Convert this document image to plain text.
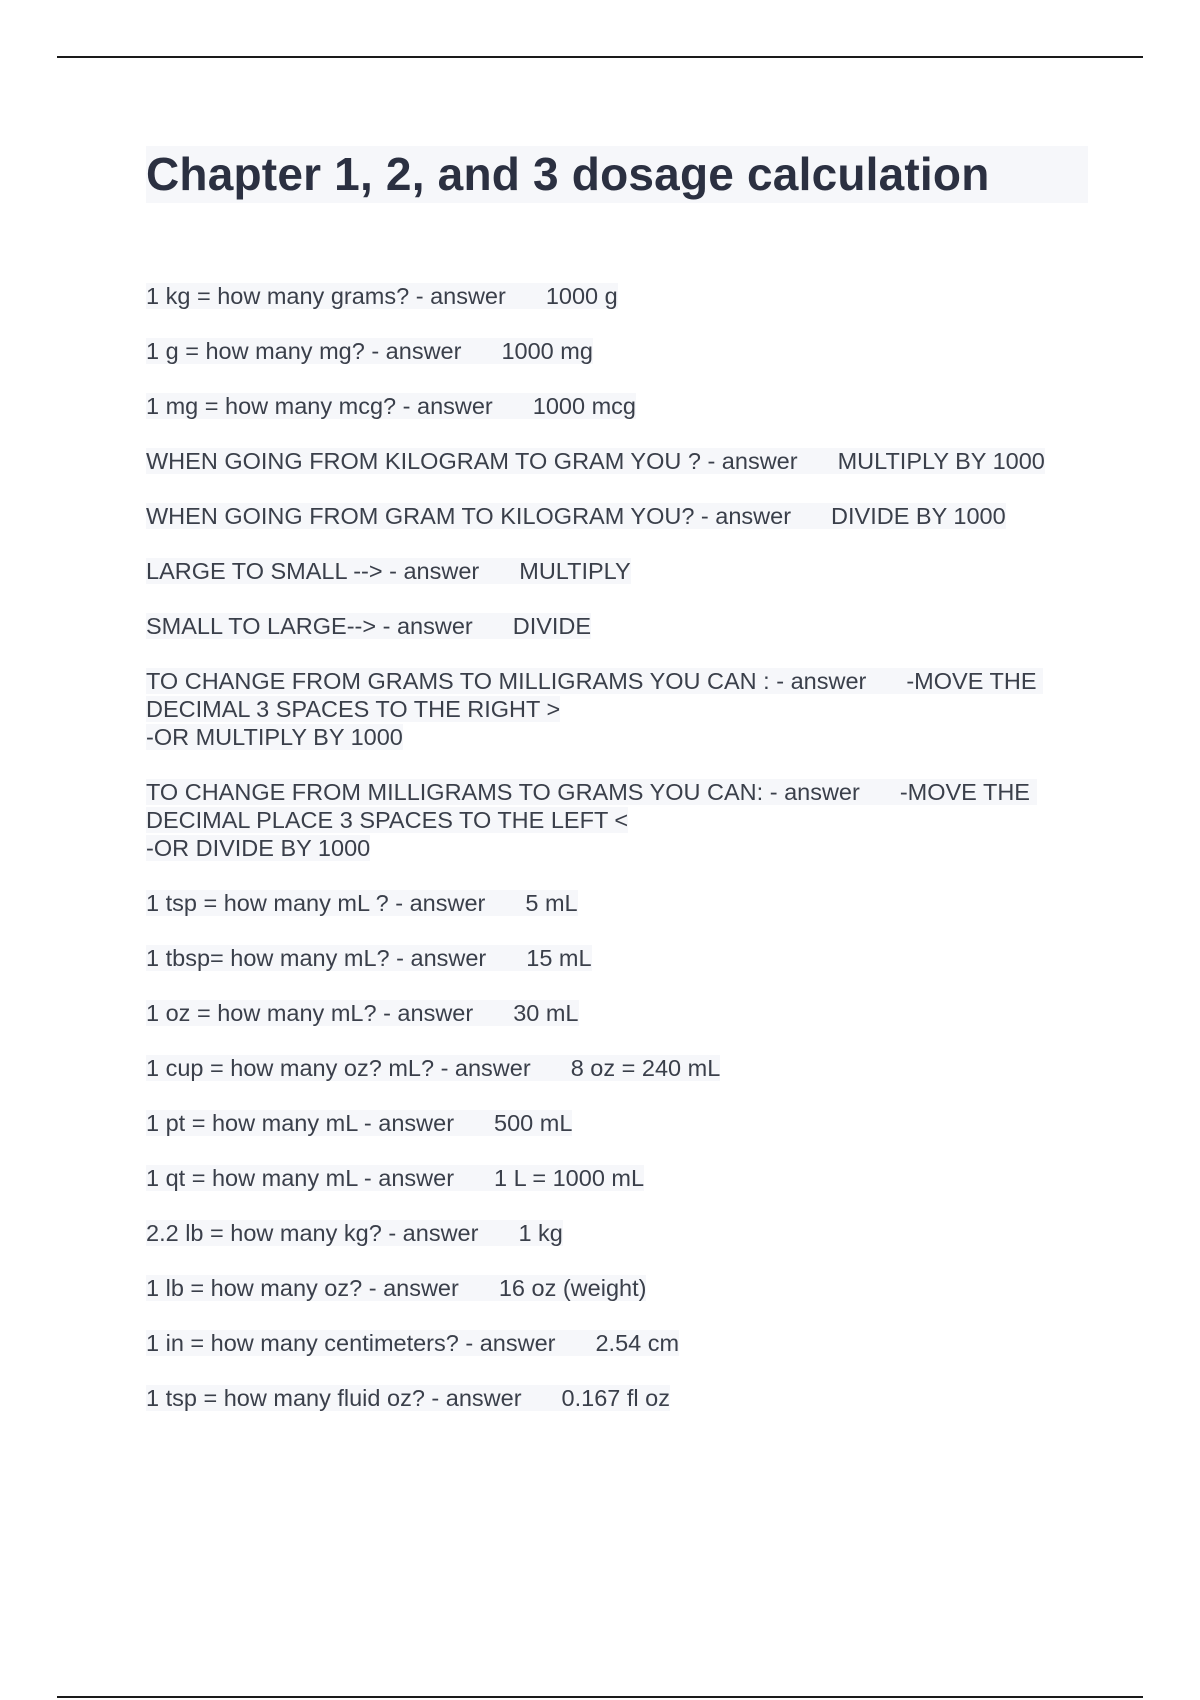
Chapter 1, 2, and 3 dosage calculation
1 kg = how many grams? - answer 1000 g
1 g = how many mg? - answer 1000 mg
1 mg = how many mcg? - answer 1000 mcg
WHEN GOING FROM KILOGRAM TO GRAM YOU ? - answer MULTIPLY BY 1000
WHEN GOING FROM GRAM TO KILOGRAM YOU? - answer DIVIDE BY 1000
LARGE TO SMALL --> - answer MULTIPLY
SMALL TO LARGE--> - answer DIVIDE
TO CHANGE FROM GRAMS TO MILLIGRAMS YOU CAN : - answer -MOVE THE DECIMAL 3 SPACES TO THE RIGHT >
-OR MULTIPLY BY 1000
TO CHANGE FROM MILLIGRAMS TO GRAMS YOU CAN: - answer -MOVE THE DECIMAL PLACE 3 SPACES TO THE LEFT <
-OR DIVIDE BY 1000
1 tsp = how many mL ? - answer 5 mL
1 tbsp= how many mL? - answer 15 mL
1 oz = how many mL? - answer 30 mL
1 cup = how many oz? mL? - answer 8 oz = 240 mL
1 pt = how many mL - answer 500 mL
1 qt = how many mL - answer 1 L = 1000 mL
2.2 lb = how many kg? - answer 1 kg
1 lb = how many oz? - answer 16 oz (weight)
1 in = how many centimeters? - answer 2.54 cm
1 tsp = how many fluid oz? - answer 0.167 fl oz
